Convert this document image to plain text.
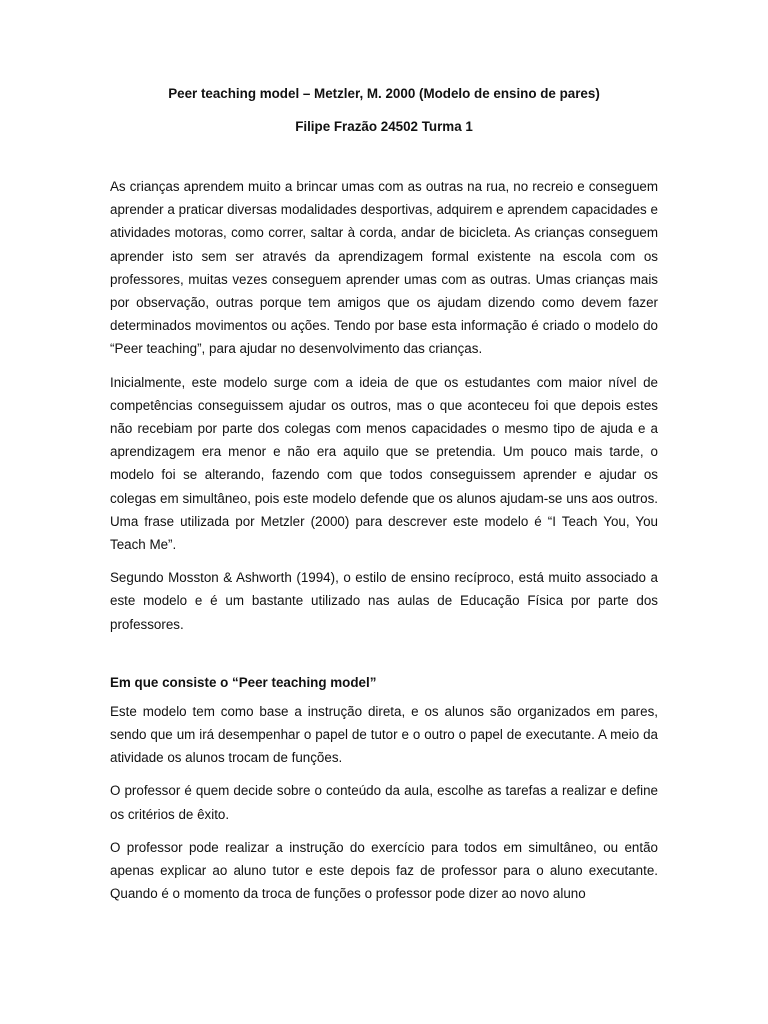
Peer teaching model – Metzler, M. 2000 (Modelo de ensino de pares)

Filipe Frazão 24502 Turma 1

As crianças aprendem muito a brincar umas com as outras na rua, no recreio e conseguem aprender a praticar diversas modalidades desportivas, adquirem e aprendem capacidades e atividades motoras, como correr, saltar à corda, andar de bicicleta. As crianças conseguem aprender isto sem ser através da aprendizagem formal existente na escola com os professores, muitas vezes conseguem aprender umas com as outras. Umas crianças mais por observação, outras porque tem amigos que os ajudam dizendo como devem fazer determinados movimentos ou ações. Tendo por base esta informação é criado o modelo do “Peer teaching”, para ajudar no desenvolvimento das crianças.

Inicialmente, este modelo surge com a ideia de que os estudantes com maior nível de competências conseguissem ajudar os outros, mas o que aconteceu foi que depois estes não recebiam por parte dos colegas com menos capacidades o mesmo tipo de ajuda e a aprendizagem era menor e não era aquilo que se pretendia. Um pouco mais tarde, o modelo foi se alterando, fazendo com que todos conseguissem aprender e ajudar os colegas em simultâneo, pois este modelo defende que os alunos ajudam-se uns aos outros. Uma frase utilizada por Metzler (2000) para descrever este modelo é “I Teach You, You Teach Me”.

Segundo Mosston & Ashworth (1994), o estilo de ensino recíproco, está muito associado a este modelo e é um bastante utilizado nas aulas de Educação Física por parte dos professores.

Em que consiste o “Peer teaching model”

Este modelo tem como base a instrução direta, e os alunos são organizados em pares, sendo que um irá desempenhar o papel de tutor e o outro o papel de executante. A meio da atividade os alunos trocam de funções.

O professor é quem decide sobre o conteúdo da aula, escolhe as tarefas a realizar e define os critérios de êxito.

O professor pode realizar a instrução do exercício para todos em simultâneo, ou então apenas explicar ao aluno tutor e este depois faz de professor para o aluno executante. Quando é o momento da troca de funções o professor pode dizer ao novo aluno
